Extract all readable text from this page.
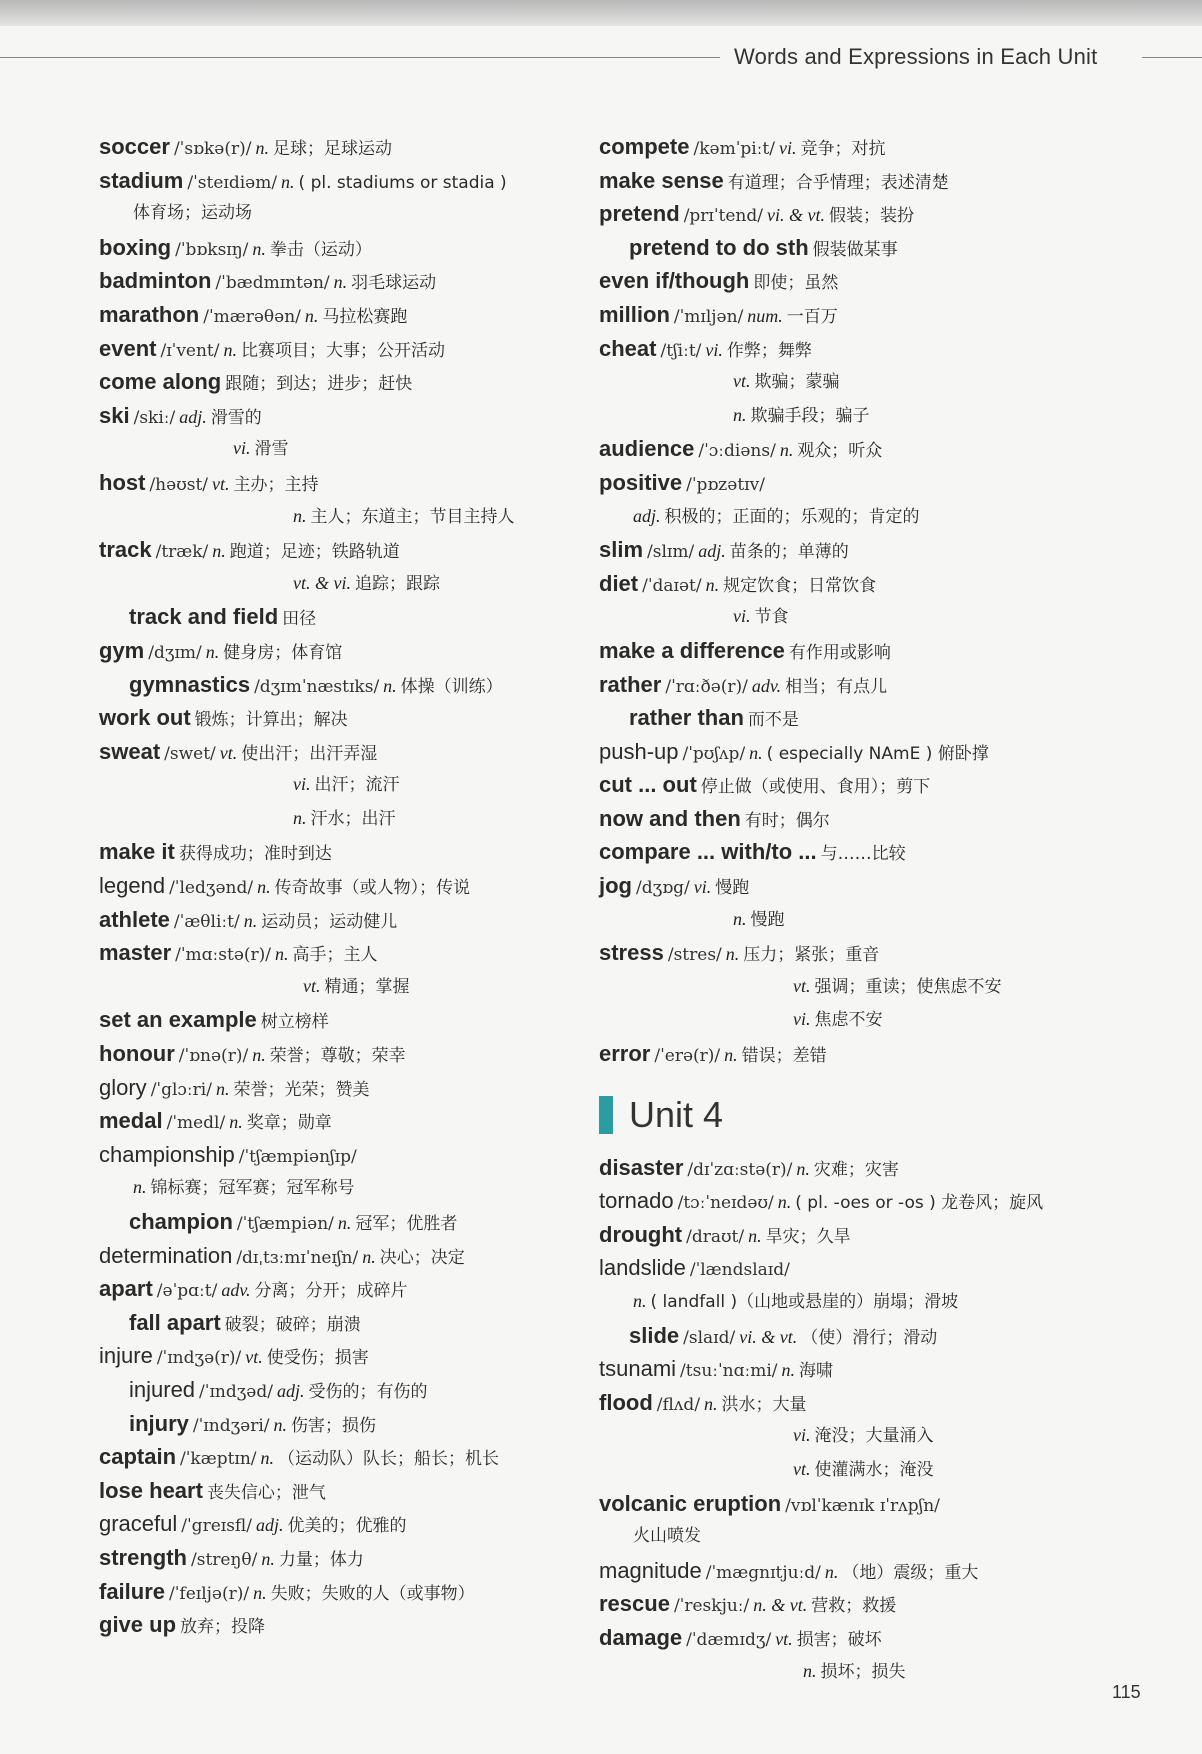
Words and Expressions in Each Unit
soccer /ˈsɒkə(r)/ n. 足球；足球运动
stadium /ˈsteɪdiəm/ n. ( pl. stadiums or stadia )
体育场；运动场
boxing /ˈbɒksɪŋ/ n. 拳击（运动）
badminton /ˈbædmɪntən/ n. 羽毛球运动
marathon /ˈmærəθən/ n. 马拉松赛跑
event /ɪˈvent/ n. 比赛项目；大事；公开活动
come along 跟随；到达；进步；赶快
ski /skiː/ adj. 滑雪的
vi. 滑雪
host /həʊst/ vt. 主办；主持
n. 主人；东道主；节目主持人
track /træk/ n. 跑道；足迹；铁路轨道
vt. & vi. 追踪；跟踪
track and field 田径
gym /dʒɪm/ n. 健身房；体育馆
gymnastics /dʒɪmˈnæstɪks/ n. 体操（训练）
work out 锻炼；计算出；解决
sweat /swet/ vt. 使出汗；出汗弄湿
vi. 出汗；流汗
n. 汗水；出汗
make it 获得成功；准时到达
legend /ˈledʒənd/ n. 传奇故事（或人物）；传说
athlete /ˈæθliːt/ n. 运动员；运动健儿
master /ˈmɑːstə(r)/ n. 高手；主人
vt. 精通；掌握
set an example 树立榜样
honour /ˈɒnə(r)/ n. 荣誉；尊敬；荣幸
glory /ˈglɔːri/ n. 荣誉；光荣；赞美
medal /ˈmedl/ n. 奖章；勋章
championship /ˈtʃæmpiənʃɪp/
n. 锦标赛；冠军赛；冠军称号
champion /ˈtʃæmpiən/ n. 冠军；优胜者
determination /dɪˌtɜːmɪˈneɪʃn/ n. 决心；决定
apart /əˈpɑːt/ adv. 分离；分开；成碎片
fall apart 破裂；破碎；崩溃
injure /ˈɪndʒə(r)/ vt. 使受伤；损害
injured /ˈɪndʒəd/ adj. 受伤的；有伤的
injury /ˈɪndʒəri/ n. 伤害；损伤
captain /ˈkæptɪn/ n. （运动队）队长；船长；机长
lose heart 丧失信心；泄气
graceful /ˈgreɪsfl/ adj. 优美的；优雅的
strength /streŋθ/ n. 力量；体力
failure /ˈfeɪljə(r)/ n. 失败；失败的人（或事物）
give up 放弃；投降
compete /kəmˈpiːt/ vi. 竞争；对抗
make sense 有道理；合乎情理；表述清楚
pretend /prɪˈtend/ vi. & vt. 假装；装扮
pretend to do sth 假装做某事
even if/though 即使；虽然
million /ˈmɪljən/ num. 一百万
cheat /tʃiːt/ vi. 作弊；舞弊
vt. 欺骗；蒙骗
n. 欺骗手段；骗子
audience /ˈɔːdiəns/ n. 观众；听众
positive /ˈpɒzətɪv/
adj. 积极的；正面的；乐观的；肯定的
slim /slɪm/ adj. 苗条的；单薄的
diet /ˈdaɪət/ n. 规定饮食；日常饮食
vi. 节食
make a difference 有作用或影响
rather /ˈrɑːðə(r)/ adv. 相当；有点儿
rather than 而不是
push-up /ˈpʊʃʌp/ n. ( especially NAmE ) 俯卧撑
cut ... out 停止做（或使用、食用）；剪下
now and then 有时；偶尔
compare ... with/to ... 与……比较
jog /dʒɒg/ vi. 慢跑
n. 慢跑
stress /stres/ n. 压力；紧张；重音
vt. 强调；重读；使焦虑不安
vi. 焦虑不安
error /ˈerə(r)/ n. 错误；差错
Unit 4
disaster /dɪˈzɑːstə(r)/ n. 灾难；灾害
tornado /tɔːˈneɪdəʊ/ n. ( pl. -oes or -os ) 龙卷风；旋风
drought /draʊt/ n. 旱灾；久旱
landslide /ˈlændslaɪd/
n. ( landfall )（山地或悬崖的）崩塌；滑坡
slide /slaɪd/ vi. & vt. （使）滑行；滑动
tsunami /tsuːˈnɑːmi/ n. 海啸
flood /flʌd/ n. 洪水；大量
vi. 淹没；大量涌入
vt. 使灌满水；淹没
volcanic eruption /vɒlˈkænɪk ɪˈrʌpʃn/
火山喷发
magnitude /ˈmægnɪtjuːd/ n. （地）震级；重大
rescue /ˈreskjuː/ n. & vt. 营救；救援
damage /ˈdæmɪdʒ/ vt. 损害；破坏
n. 损坏；损失
115
